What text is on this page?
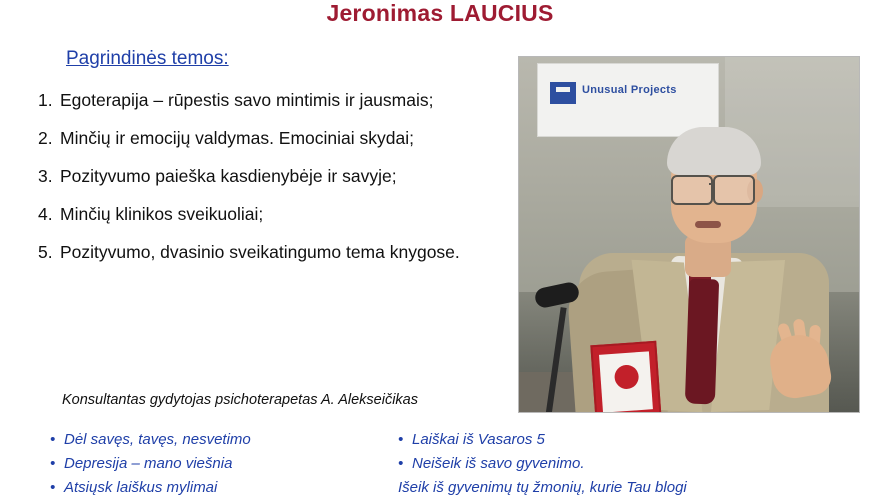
Jeronimas LAUCIUS
Pagrindinės temos:
1. Egoterapija – rūpestis savo mintimis ir jausmais;
2. Minčių ir emocijų valdymas. Emociniai skydai;
3. Pozityvumo paieška kasdienybėje ir savyje;
4. Minčių klinikos sveikuoliai;
5. Pozityvumo, dvasinio sveikatingumo tema knygose.
Konsultantas gydytojas psichoterapetas A. Alekseičikas
Unusual Projects
• Dėl savęs, tavęs, nesvetimo
• Depresija – mano viešnia
• Atsiųsk laiškus mylimai
• Laiškai iš Vasaros 5
• Neišeik iš savo gyvenimo.
Išeik iš gyvenimų tų žmonių, kurie Tau blogi
